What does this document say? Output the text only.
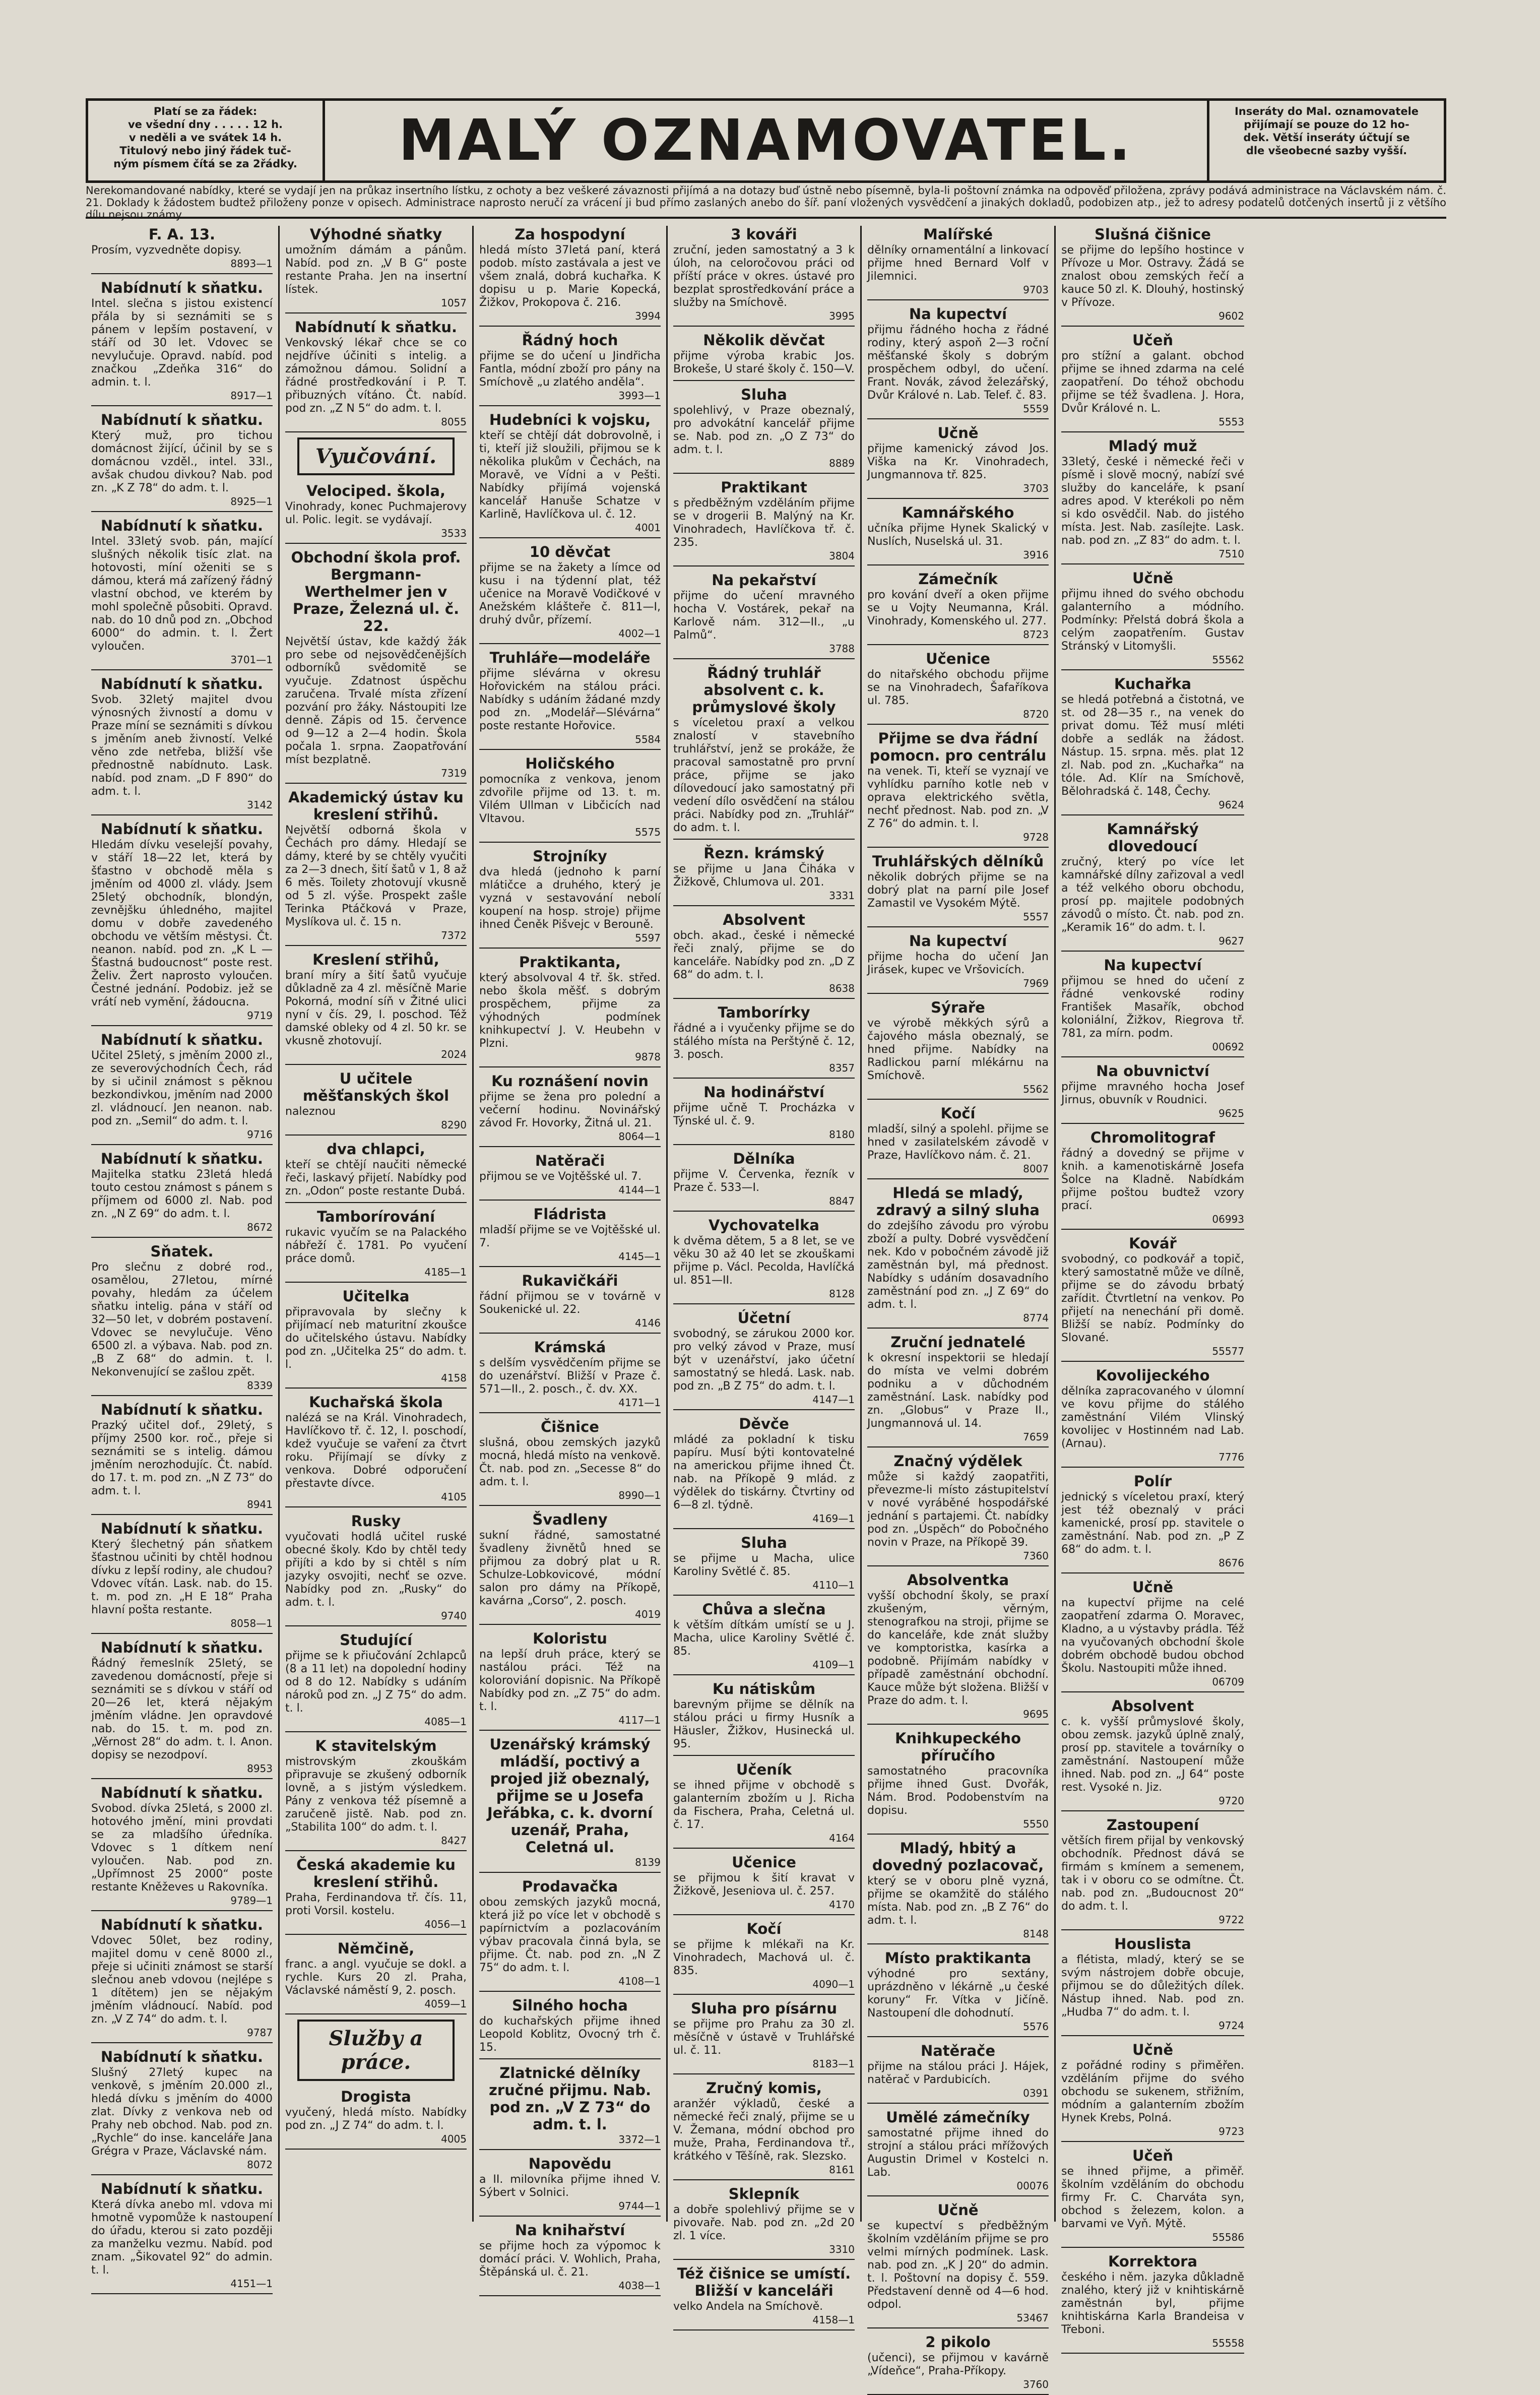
Platí se za řádek:
ve všední dny . . . . . 12 h.
v neděli a ve svátek 14 h.
Titulový nebo jiný řádek tuč-
ným písmem čítá se za 2řádky.	MALÝ OZNAMOVATEL.	Inseráty do Mal. oznamovatele
přijímají se pouze do 12 ho-
dek. Větší inseráty účtují se
dle všeobecné sazby vyšší.
Nerekomandované nabídky, které se vydají jen na průkaz insertního lístku, z ochoty a bez veškeré závaznosti přijímá a na dotazy buď ústně nebo písemně, byla-li poštovní známka na odpověď přiložena, zprávy podává administrace na Václavském nám. č. 21. Doklady k žádostem budtež přiloženy ponze v opisech. Administrace naprosto neručí za vrácení ji bud přímo zaslaných anebo do šíř. paní vložených vysvědčení a jinakých dokladů, podobizen atp., jež to adresy podatelů dotčených insertů ji z většího dílu nejsou známy.
F. A. 13.

Prosím, vyzvedněte dopisy.

8893—1
Nabídnutí k sňatku.

Intel. slečna s jistou existencí přála by si seznámiti se s pánem v lepším postavení, v stáří od 30 let. Vdovec se nevylučuje. Opravd. nabíd. pod značkou „Zdeňka 316“ do admin. t. l.

8917—1
Nabídnutí k sňatku.

Který muž, pro tichou domácnost žijící, účinil by se s domácnou vzděl., intel. 33l., avšak chudou divkou? Nab. pod zn. „K Z 78“ do adm. t. l.

8925—1
Nabídnutí k sňatku.

Intel. 33letý svob. pán, mající slušných několik tisíc zlat. na hotovosti, míní oženiti se s dámou, která má zařízený řádný vlastní obchod, ve kterém by mohl společně působiti. Opravd. nab. do 10 dnů pod zn. „Obchod 6000“ do admin. t. l. Žert vyloučen.

3701—1
Nabídnutí k sňatku.

Svob. 32letý majitel dvou výnosných živností a domu v Praze míní se seznámiti s dívkou s jměním aneb živností. Velké věno zde netřeba, bližší vše přednostně nabídnuto. Lask. nabíd. pod znam. „D F 890“ do adm. t. l.

3142
Nabídnutí k sňatku.

Hledám dívku veselejší povahy, v stáří 18—22 let, která by šťastno v obchodě měla s jměním od 4000 zl. vlády. Jsem 25letý obchodník, blondýn, zevnějšku úhledného, majitel domu v dobře zavedeného obchodu ve větším městysi. Čt. neanon. nabíd. pod zn. „K L — Šťastná budoucnost“ poste rest. Želiv. Žert naprosto vyloučen. Čestné jednání. Podobiz. jež se vrátí neb vymění, žádoucna.

9719
Nabídnutí k sňatku.

Učitel 25letý, s jměním 2000 zl., ze severovýchodních Čech, rád by si učinil známost s pěknou bezkondivkou, jměním nad 2000 zl. vládnoucí. Jen neanon. nab. pod zn. „Semil“ do adm. t. l.

9716
Nabídnutí k sňatku.

Majitelka statku 23letá hledá touto cestou známost s pánem s příjmem od 6000 zl. Nab. pod zn. „N Z 69“ do adm. t. l.

8672
Sňatek.

Pro slečnu z dobré rod., osamělou, 27letou, mírné povahy, hledám za účelem sňatku intelig. pána v stáří od 32—50 let, v dobrém postavení. Vdovec se nevylučuje. Věno 6500 zl. a výbava. Nab. pod zn. „B Z 68“ do admin. t. l. Nekonvenující se zašlou zpět.

8339
Nabídnutí k sňatku.

Prazký učitel dof., 29letý, s příjmy 2500 kor. roč., přeje si seznámiti se s intelig. dámou jměním nerozhodujíc. Čt. nabíd. do 17. t. m. pod zn. „N Z 73“ do adm. t. l.

8941
Nabídnutí k sňatku.

Který šlechetný pán sňatkem šťastnou učiniti by chtěl hodnou dívku z lepší rodiny, ale chudou? Vdovec vítán. Lask. nab. do 15. t. m. pod zn. „H E 18“ Praha hlavní pošta restante.

8058—1
Nabídnutí k sňatku.

Řádný řemeslník 25letý, se zavedenou domácností, přeje si seznámiti se s dívkou v stáří od 20—26 let, která nějakým jměním vládne. Jen opravdové nab. do 15. t. m. pod zn. „Věrnost 28“ do adm. t. l. Anon. dopisy se nezodpoví.

8953
Nabídnutí k sňatku.

Svobod. dívka 25letá, s 2000 zl. hotového jmění, mini provdati se za mladšího úředníka. Vdovec s 1 dítkem není vyloučen. Nab. pod zn. „Upřímnost 25 2000“ poste restante Kněževes u Rakovníka.

9789—1
Nabídnutí k sňatku.

Vdovec 50let, bez rodiny, majitel domu v ceně 8000 zl., přeje si učiniti známost se starší slečnou aneb vdovou (nejlépe s 1 dítětem) jen se nějakým jměním vládnoucí. Nabíd. pod zn. „V Z 74“ do adm. t. l.

9787
Nabídnutí k sňatku.

Slušný 27letý kupec na venkově, s jměním 20.000 zl., hledá dívku s jměním do 4000 zlat. Dívky z venkova neb od Prahy neb obchod. Nab. pod zn. „Rychle“ do inse. kanceláře Jana Grégra v Praze, Václavské nám.

8072
Nabídnutí k sňatku.

Která dívka anebo ml. vdova mi hmotně vypomůže k nastoupení do úřadu, kterou si zato později za manželku vezmu. Nabíd. pod znam. „Šikovatel 92“ do admin. t. l.

4151—1
Výhodné sňatky

umožním dámám a pánům. Nabíd. pod zn. „V B G“ poste restante Praha. Jen na insertní lístek.

1057
Nabídnutí k sňatku.

Venkovský lékař chce se co nejdříve účiniti s intelig. a zámožnou dámou. Solidní a řádné prostředkování i P. T. přibuzných vítáno. Čt. nabíd. pod zn. „Z N 5“ do adm. t. l.

8055
Vyučování.
Velociped. škola,

Vinohrady, konec Puchmajerovy ul. Polic. legit. se vydávají.

3533
Obchodní škola prof. Bergmann-Werthelmer jen v Praze, Železná ul. č. 22.

Největší ústav, kde každý žák pro sebe od nejsovědčenějších odborníků svědomitě se vyučuje. Zdatnost úspěchu zaručena. Trvalé místa zřízení pozvání pro žáky. Nástoupiti lze denně. Zápis od 15. července od 9—12 a 2—4 hodin. Škola počala 1. srpna. Zaopatřování míst bezplatně.

7319
Akademický ústav ku kreslení střihů.

Největší odborná škola v Čechách pro dámy. Hledají se dámy, které by se chtěly vyučiti za 2—3 dnech, šití šatů v 1, 8 až 6 měs. Toilety zhotovují vkusně od 5 zl. výše. Prospekt zašle Terinka Ptáčková v Praze, Myslíkova ul. č. 15 n.

7372
Kreslení střihů,

braní míry a šití šatů vyučuje důkladně za 4 zl. měsíčně Marie Pokorná, modní síň v Žitné ulici nyní v čís. 29, I. poschod. Též damské obleky od 4 zl. 50 kr. se vkusně zhotovují.

2024
U učitele měšťanských škol

naleznou

8290
dva chlapci,

kteří se chtějí naučiti německé řeči, laskavý přijetí. Nabídky pod zn. „Odon“ poste restante Dubá.

Tamborírování

rukavic vyučím se na Palackého nábřeží č. 1781. Po vyučení práce domů.

4185—1
Učitelka

připravovala by slečny k přijímací neb maturitní zkoušce do učitelského ústavu. Nabídky pod zn. „Učitelka 25“ do adm. t. l.

4158
Kuchařská škola

nalézá se na Král. Vinohradech, Havlíčkovo tř. č. 12, I. poschodí, kdež vyučuje se vaření za čtvrt roku. Přijímají se dívky z venkova. Dobré odporučení přestavte dívce.

4105
Rusky

vyučovati hodlá učitel ruské obecné školy. Kdo by chtěl tedy přijíti a kdo by si chtěl s ním jazyky osvojiti, nechť se ozve. Nabídky pod zn. „Rusky“ do adm. t. l.

9740
Studující

přijme se k přiučování 2chlapců (8 a 11 let) na dopolední hodiny od 8 do 12. Nabídky s udáním nároků pod zn. „J Z 75“ do adm. t. l.

4085—1
K stavitelským

mistrovským zkouškám připravuje se zkušený odborník lovně, a s jistým výsledkem. Pány z venkova též písemně a zaručeně jistě. Nab. pod zn. „Stabilita 100“ do adm. t. l.

8427
Česká akademie ku kreslení střihů.

Praha, Ferdinandova tř. čís. 11, proti Vorsil. kostelu.

4056—1
Němčině,

franc. a angl. vyučuje se dokl. a rychle. Kurs 20 zl. Praha, Václavské náměstí 9, 2. posch.

4059—1
Služby a práce.
Drogista

vyučený, hledá místo. Nabídky pod zn. „J Z 74“ do adm. t. l.

4005
Za hospodyní

hledá místo 37letá paní, která podob. místo zastávala a jest ve všem znalá, dobrá kuchařka. K dopisu u p. Marie Kopecká, Žižkov, Prokopova č. 216.

3994
Řádný hoch

přijme se do učení u Jindřicha Fantla, módní zboží pro pány na Smíchově „u zlatého anděla“.

3993—1
Hudebníci k vojsku,

kteří se chtějí dát dobrovolně, i ti, kteří již sloužili, přijmou se k několika plukům v Čechách, na Moravě, ve Vídni a v Pešti. Nabídky přijímá vojenská kancelář Hanuše Schatze v Karlině, Havlíčkova ul. č. 12.

4001
10 děvčat

přijme se na žakety a límce od kusu i na týdenní plat, též učenice na Moravě Vodičkové v Anežském klášteře č. 811—I, druhý dvůr, přízemí.

4002—1
Truhláře—modeláře

přijme slévárna v okresu Hořovickém na stálou práci. Nabídky s udáním žádané mzdy pod zn. „Modelář—Slévárna“ poste restante Hořovice.

5584
Holičského

pomocníka z venkova, jenom zdvořile přijme od 13. t. m. Vilém Ullman v Libčicích nad Vltavou.

5575
Strojníky

dva hledá (jednoho k parní mlátičce a druhého, který je vyzná v sestavování nebolí koupení na hosp. stroje) přijme ihned Čeněk Pišvejc v Berouně.

5597
Praktikanta,

který absolvoval 4 tř. šk. střed. nebo škola měšť. s dobrým prospěchem, přijme za výhodných podmínek knihkupectví J. V. Heubehn v Plzni.

9878
Ku roznášení novin

přijme se žena pro polední a večerní hodinu. Novinářský závod Fr. Hovorky, Žitná ul. 21.

8064—1
Natěrači

přijmou se ve Vojtěšské ul. 7.

4144—1
Fládrista

mladší přijme se ve Vojtěšské ul. 7.

4145—1
Rukavičkáři

řádní přijmou se v továrně v Soukenické ul. 22.

4146
Krámská

s delším vysvědčením přijme se do uzenářství. Bližší v Praze č. 571—II., 2. posch., č. dv. XX.

4171—1
Čišnice

slušná, obou zemských jazyků mocná, hledá místo na venkově. Čt. nab. pod zn. „Secesse 8“ do adm. t. l.

8990—1
Švadleny

sukní řádné, samostatné švadleny živnětů hned se přijmou za dobrý plat u R. Schulze-Lobkovicové, módní salon pro dámy na Příkopě, kavárna „Corso“, 2. posch.

4019
Koloristu

na lepší druh práce, který se nastálou práci. Též na koloroviání dopisnic. Na Příkopě Nabídky pod zn. „Z 75“ do adm. t. l.

4117—1
Uzenářský krámský mládší, poctivý a projed již obeznalý, přijme se u Josefa Jeřábka, c. k. dvorní uzenář, Praha, Celetná ul.
8139
Prodavačka

obou zemských jazyků mocná, která již po více let v obchodě s papírnictvím a pozlacováním výbav pracovala činná byla, se přijme. Čt. nab. pod zn. „N Z 75“ do adm. t. l.

4108—1
Silného hocha

do kuchařských přijme ihned Leopold Koblitz, Ovocný trh č. 15.

Zlatnické dělníky zručné přijmu. Nab. pod zn. „V Z 73“ do adm. t. l.
3372—1
Napovědu

a II. milovníka přijme ihned V. Sýbert v Solnici.

9744—1
Na knihařství

se přijme hoch za výpomoc k domácí práci. V. Wohlich, Praha, Štěpánská ul. č. 21.

4038—1
3 kováři

zruční, jeden samostatný a 3 k úloh, na celoročovou práci od příští práce v okres. ústavé pro bezplat sprostředkování práce a služby na Smíchově.

3995
Několik děvčat

přijme výroba krabic Jos. Brokeše, U staré školy č. 150—V.

Sluha

spolehlivý, v Praze obeznalý, pro advokátní kancelář přijme se. Nab. pod zn. „O Z 73“ do adm. t. l.

8889
Praktikant

s předběžným vzděláním přijme se v drogerii B. Malýný na Kr. Vinohradech, Havlíčkova tř. č. 235.

3804
Na pekařství

přijme do učení mravného hocha V. Vostárek, pekař na Karlově nám. 312—II., „u Palmů“.

3788
Řádný truhlář absolvent c. k. průmyslové školy

s víceletou praxí a velkou znalostí v stavebního truhlářství, jenž se prokáže, že pracoval samostatně pro první práce, přijme se jako dílovedoucí jako samostatný při vedení dílo osvědčení na stálou práci. Nabídky pod zn. „Truhlář“ do adm. t. l.

Řezn. krámský

se přijme u Jana Čiháka v Žižkově, Chlumova ul. 201.

3331
Absolvent

obch. akad., české i německé řeči znalý, přijme se do kanceláře. Nabídky pod zn. „D Z 68“ do adm. t. l.

8638
Tamborírky

řádné a i vyučenky přijme se do stálého místa na Perštýně č. 12, 3. posch.

8357
Na hodinářství

přijme učně T. Procházka v Týnské ul. č. 9.

8180
Dělníka

přijme V. Červenka, řezník v Praze č. 533—I.

8847
Vychovatelka

k dvěma dětem, 5 a 8 let, se ve věku 30 až 40 let se zkouškami přijme p. Václ. Pecolda, Havlíčká ul. 851—II.

8128
Účetní

svobodný, se zárukou 2000 kor. pro velký závod v Praze, musí být v uzenářství, jako účetní samostatný se hledá. Lask. nab. pod zn. „B Z 75“ do adm. t. l.

4147—1
Děvče

mládé za pokladní k tisku papíru. Musí býti kontovatelné na americkou přijme ihned Čt. nab. na Příkopě 9 mlád. z výdělek do tiskárny. Čtvrtiny od 6—8 zl. týdně.

4169—1
Sluha

se přijme u Macha, ulice Karoliny Světlé č. 85.

4110—1
Chůva a slečna

k větším dítkám umístí se u J. Macha, ulice Karoliny Světlé č. 85.

4109—1
Ku nátiskům

barevným přijme se dělník na stálou práci u firmy Husník a Häusler, Žižkov, Husinecká ul. 95.

Učeník

se ihned přijme v obchodě s galanterním zbožím u J. Richa da Fischera, Praha, Celetná ul. č. 17.

4164
Učenice

se přijmou k šití kravat v Žižkově, Jeseniova ul. č. 257.

4170
Kočí

se přijme k mlékaři na Kr. Vinohradech, Machová ul. č. 835.

4090—1
Sluha pro písárnu

se přijme pro Prahu za 30 zl. měsíčně v ústavě v Truhlářské ul. č. 11.

8183—1
Zručný komis,

aranžér výkladů, české a německé řeči znalý, přijme se u V. Žemana, módní obchod pro muže, Praha, Ferdinandova tř., krátkého v Těšíně, rak. Slezsko.

8161
Sklepník

a dobře spolehlivý přijme se v pivovaře. Nab. pod zn. „2d 20 zl. 1 více.

3310
Též čišnice se umístí. Bližší v kanceláři

velko Andela na Smíchově.

4158—1
Malířské

dělníky ornamentální a linkovací přijme hned Bernard Volf v Jilemnici.

9703
Na kupectví

přijmu řádného hocha z řádné rodiny, který aspoň 2—3 roční měšťanské školy s dobrým prospěchem odbyl, do učení. Frant. Novák, závod železářský, Dvůr Králové n. Lab. Telef. č. 83.

5559
Učně

přijme kamenický závod Jos. Viška na Kr. Vinohradech, Jungmannova tř. 825.

3703
Kamnářského

učníka přijme Hynek Skalický v Nuslích, Nuselská ul. 31.

3916
Zámečník

pro kování dveří a oken přijme se u Vojty Neumanna, Král. Vinohrady, Komenského ul. 277.

8723
Učenice

do nitařského obchodu přijme se na Vinohradech, Šafaříkova ul. 785.

8720
Přijme se dva řádní pomocn. pro centrálu

na venek. Ti, kteří se vyznají ve vyhlídku parního kotle neb v oprava elektrického světla, nechť přednost. Nab. pod zn. „V Z 76“ do admin. t. l.

9728
Truhlářských dělníků

několik dobrých přijme se na dobrý plat na parní pile Josef Zamastil ve Vysokém Mýtě.

5557
Na kupectví

přijme hocha do učení Jan Jirásek, kupec ve Vršovicích.

7969
Sýraře

ve výrobě měkkých sýrů a čajového másla obeznalý, se hned přijme. Nabídky na Radlickou parní mlékárnu na Smíchově.

5562
Kočí

mladší, silný a spolehl. přijme se hned v zasilatelském závodě v Praze, Havlíčkovo nám. č. 21.

8007
Hledá se mladý, zdravý a silný sluha

do zdejšího závodu pro výrobu zboží a pulty. Dobré vysvědčení nek. Kdo v pobočném závodě již zaměstnán byl, má přednost. Nabídky s udáním dosavadního zaměstnání pod zn. „J Z 69“ do adm. t. l.

8774
Zruční jednatelé

k okresní inspektorii se hledají do místa ve velmi dobrém podniku a v důchodném zaměstnání. Lask. nabídky pod zn. „Globus“ v Praze II., Jungmannová ul. 14.

7659
Značný výdělek

může si každý zaopatřiti, převezme-li místo zástupitelství v nové vyráběné hospodářské jednání s partajemi. Čt. nabídky pod zn. „Úspěch“ do Pobočného novin v Praze, na Příkopě 39.

7360
Absolventka

vyšší obchodní školy, se praxí zkušeným, věrným, stenografkou na stroji, přijme se do kanceláře, kde znát služby ve komptoristka, kasírka a podobně. Přijímám nabídky v případě zaměstnání obchodní. Kauce může být složena. Bližší v Praze do adm. t. l.

9695
Knihkupeckého příručího

samostatného pracovníka přijme ihned Gust. Dvořák, Nám. Brod. Podobenstvím na dopisu.

5550
Mladý, hbitý a dovedný pozlacovač,

který se v oboru plně vyzná, přijme se okamžitě do stálého místa. Nab. pod zn. „B Z 76“ do adm. t. l.

8148
Místo praktikanta

výhodné pro sextány, uprázdněno v lékárně „u české koruny“ Fr. Vítka v Jičíně. Nastoupení dle dohodnutí.

5576
Natěrače

přijme na stálou práci J. Hájek, natěrač v Pardubicích.

0391
Umělé zámečníky

samostatné přijme ihned do strojní a stálou práci mřížových Augustin Drimel v Kostelci n. Lab.

00076
Učně

se kupectví s předběžným školním vzděláním přijme se pro velmi mírných podmínek. Lask. nab. pod zn. „K J 20“ do admin. t. l. Poštovní na dopisy č. 559. Představení denně od 4—6 hod. odpol.

53467
2 pikolo

(učenci), se přijmou v kavárně „Vídeňce“, Praha-Příkopy.

3760
Slušná čišnice

se přijme do lepšího hostince v Přívoze u Mor. Ostravy. Žádá se znalost obou zemských řečí a kauce 50 zl. K. Dlouhý, hostinský v Přívoze.

9602
Učeň

pro stížní a galant. obchod přijme se ihned zdarma na celé zaopatření. Do téhož obchodu přijme se též švadlena. J. Hora, Dvůr Králové n. L.

5553
Mladý muž

33letý, české i německé řeči v písmě i slově mocný, nabízí své služby do kanceláře, k psaní adres apod. V kterékoli po něm si kdo osvědčil. Nab. do jistého místa. Jest. Nab. zasílejte. Lask. nab. pod zn. „Z 83“ do adm. t. l.

7510
Učně

přijmu ihned do svého obchodu galanterního a módního. Podmínky: Přelstá dobrá škola a celým zaopatřením. Gustav Stránský v Litomyšli.

55562
Kuchařka

se hledá potřebná a čistotná, ve st. od 28—35 r., na venek do privat domu. Též musí mléti dobře a sedlák na žádost. Nástup. 15. srpna. měs. plat 12 zl. Nab. pod zn. „Kuchařka“ na tóle. Ad. Klír na Smíchově, Bělohradská č. 148, Čechy.

9624
Kamnářský dlovedoucí

zručný, který po více let kamnářské dílny zařizoval a vedl a též velkého oboru obchodu, prosí pp. majitele podobných závodů o místo. Čt. nab. pod zn. „Keramik 16“ do adm. t. l.

9627
Na kupectví

přijmou se hned do učení z řádné venkovské rodiny František Masařík, obchod koloniální, Žižkov, Riegrova tř. 781, za mírn. podm.

00692
Na obuvnictví

přijme mravného hocha Josef Jirnus, obuvník v Roudnici.

9625
Chromolitograf

řádný a dovedný se přijme v knih. a kamenotiskárně Josefa Šolce na Kladně. Nabídkám přijme poštou budtež vzory prací.

06993
Kovář

svobodný, co podkovář a topič, který samostatně může ve dílně, přijme se do závodu brbatý zařídit. Čtvrtletní na venkov. Po přijetí na nenechání při domě. Bližší se nabíz. Podmínky do Slované.

55577
Kovolijeckého

dělníka zapracovaného v úlomní ve kovu přijme do stálého zaměstnání Vilém Vlinský kovolijec v Hostinném nad Lab. (Arnau).

7776
Polír

jednický s víceletou praxí, který jest též obeznalý v práci kamenické, prosí pp. stavitele o zaměstnání. Nab. pod zn. „P Z 68“ do adm. t. l.

8676
Učně

na kupectví přijme na celé zaopatření zdarma O. Moravec, Kladno, a u výstavby prádla. Též na vyučovaných obchodní škole dobrém obchodě budou obchod Školu. Nastoupiti může ihned.

06709
Absolvent

c. k. vyšší průmyslové školy, obou zemsk. jazyků úplně znalý, prosí pp. stavitele a továrníky o zaměstnání. Nastoupení může ihned. Nab. pod zn. „J 64“ poste rest. Vysoké n. Jiz.

9720
Zastoupení

větších firem přijal by venkovský obchodník. Přednost dává se firmám s kmínem a semenem, tak i v oboru co se odmítne. Čt. nab. pod zn. „Budoucnost 20“ do adm. t. l.

9722
Houslista

a flétista, mladý, který se se svým nástrojem dobře obcuje, přijmou se do důležitých dílek. Nástup ihned. Nab. pod zn. „Hudba 7“ do adm. t. l.

9724
Učně

z pořádné rodiny s přiměřen. vzděláním přijme do svého obchodu se sukenem, střižním, módním a galanterním zbožím Hynek Krebs, Polná.

9723
Učeň

se ihned přijme, a přiměř. školním vzděláním do obchodu firmy Fr. C. Charváta syn, obchod s železem, kolon. a barvami ve Vyň. Mýtě.

55586
Korrektora

českého i něm. jazyka důkladně znalého, který již v knihtiskárně zaměstnán byl, přijme knihtiskárna Karla Brandeisa v Třeboni.

55558
